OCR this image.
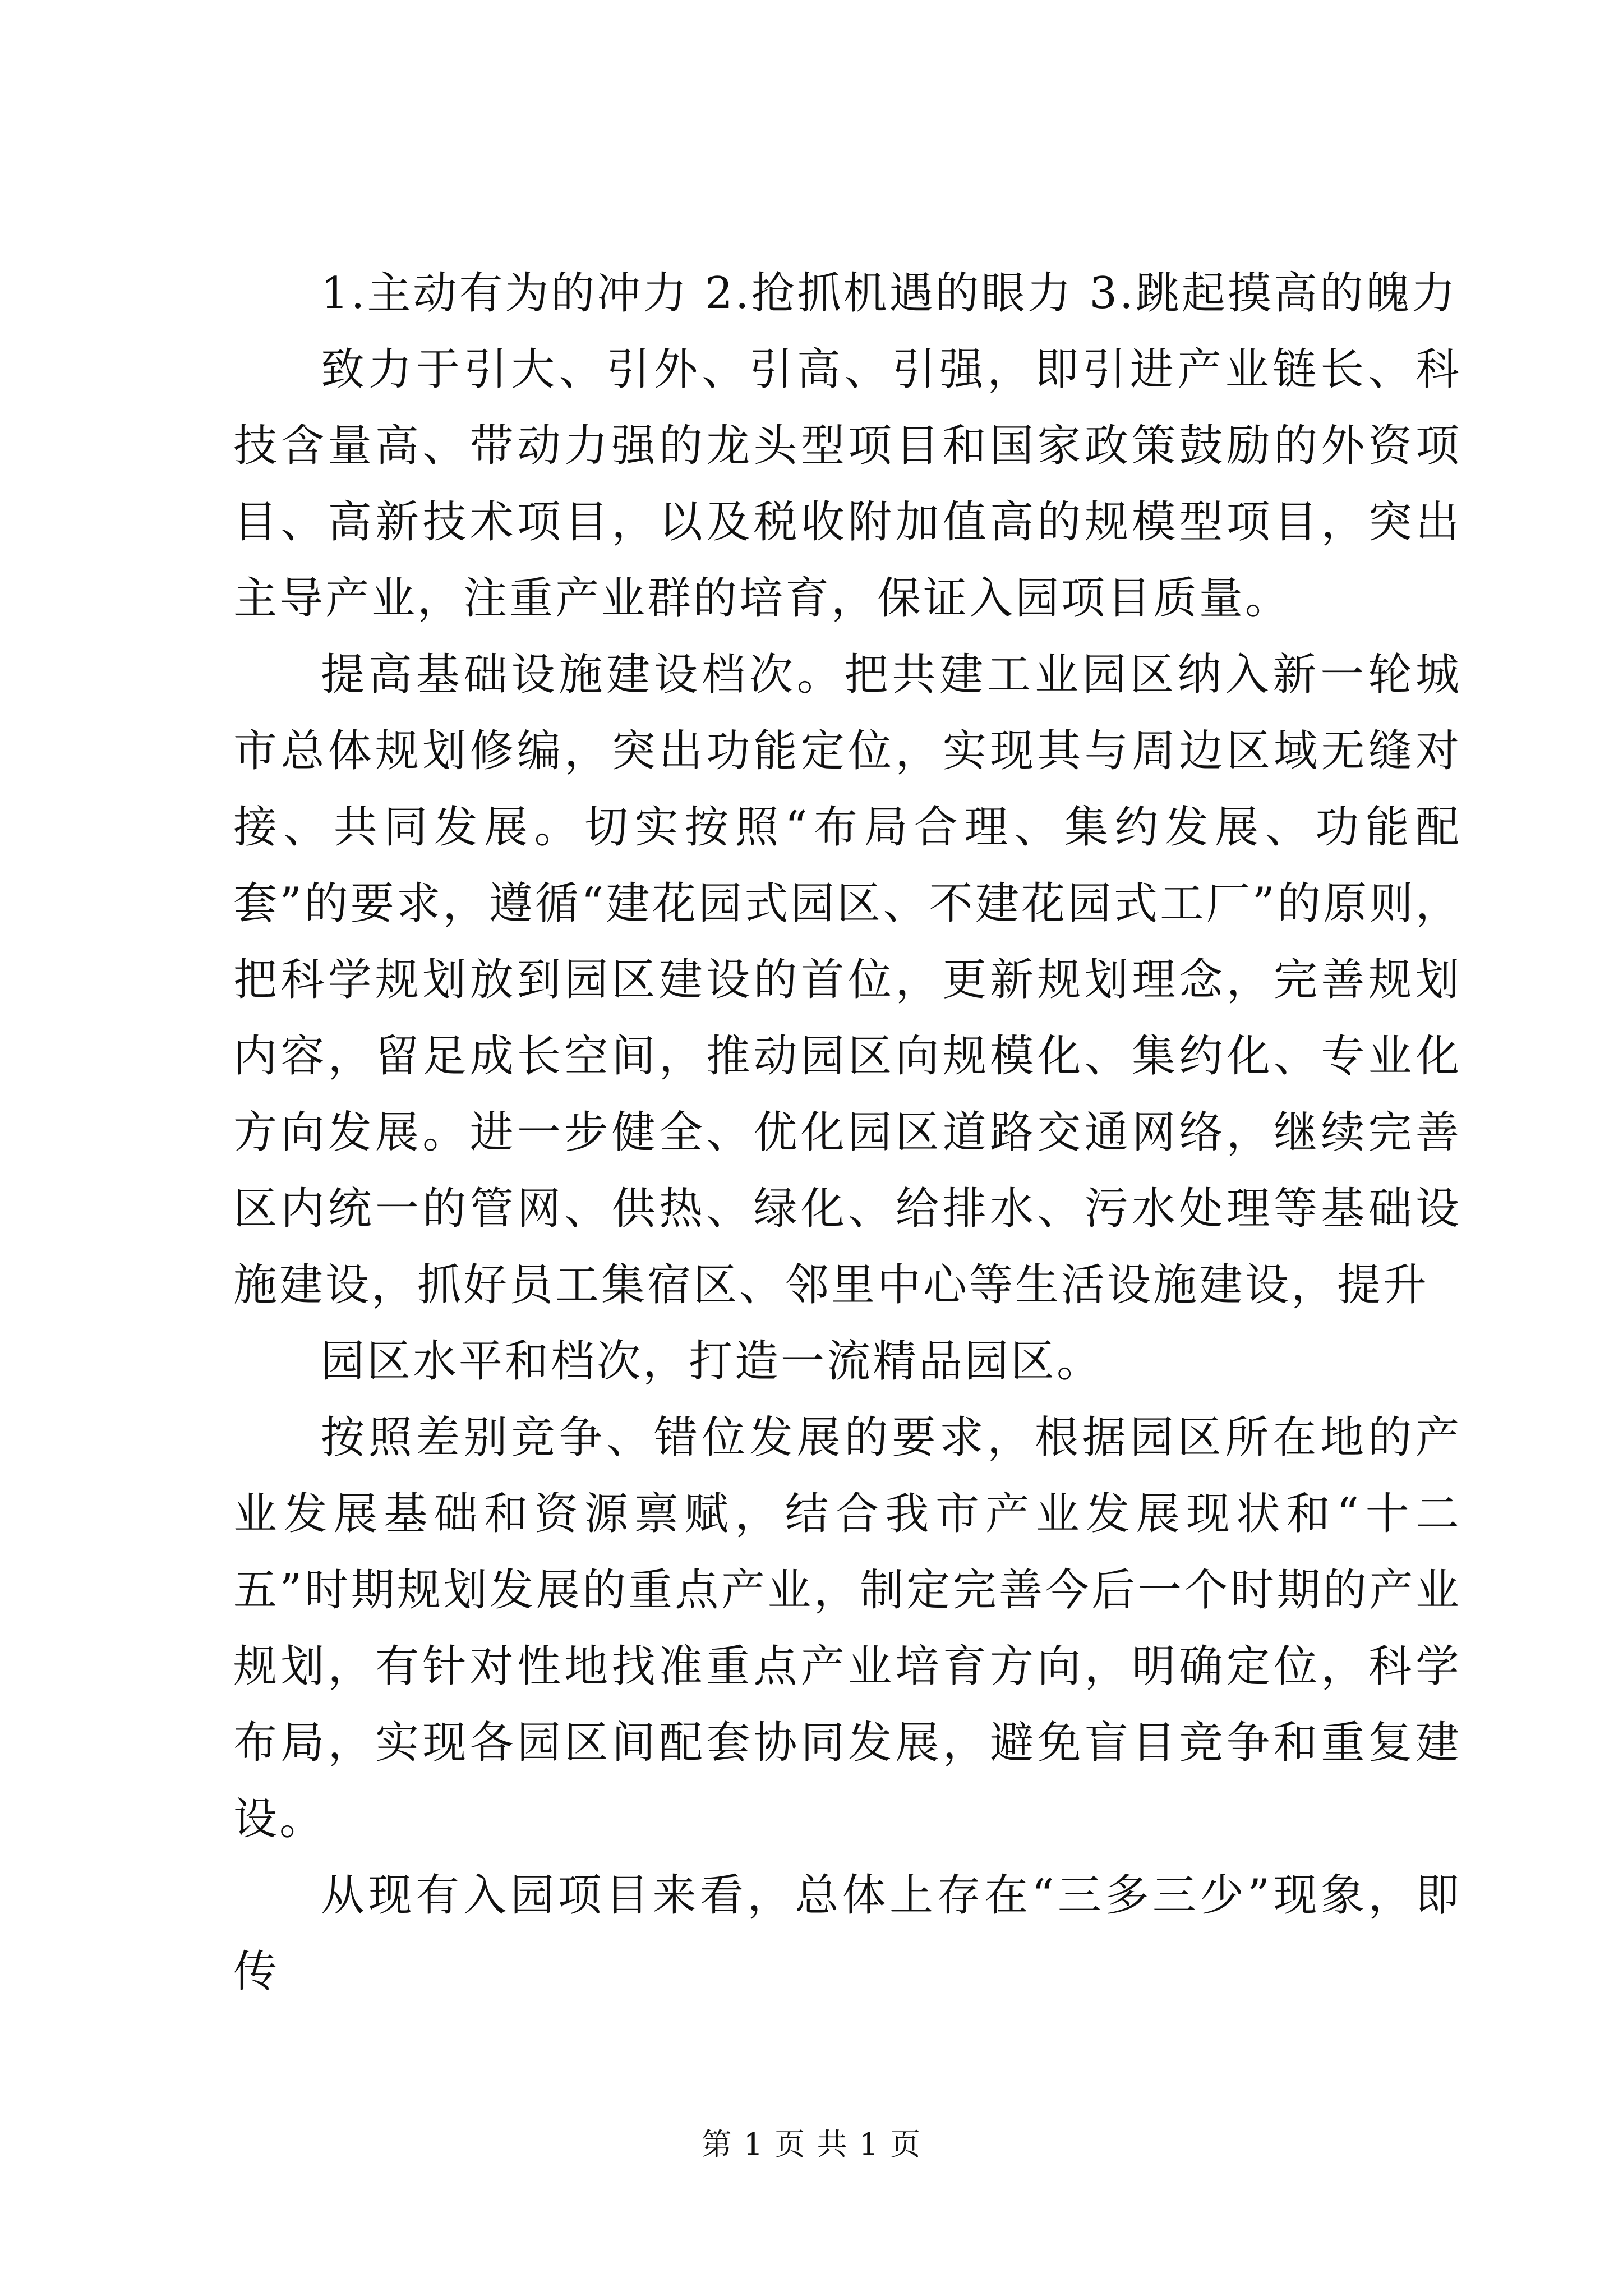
1.主动有为的冲力 2.抢抓机遇的眼力 3.跳起摸高的魄力

致力于引大、引外、引高、引强，即引进产业链长、科技含量高、带动力强的龙头型项目和国家政策鼓励的外资项目、高新技术项目，以及税收附加值高的规模型项目，突出主导产业，注重产业群的培育，保证入园项目质量。

提高基础设施建设档次。把共建工业园区纳入新一轮城市总体规划修编，突出功能定位，实现其与周边区域无缝对接、共同发展。切实按照“布局合理、集约发展、功能配套”的要求，遵循“建花园式园区、不建花园式工厂”的原则，把科学规划放到园区建设的首位，更新规划理念，完善规划内容，留足成长空间，推动园区向规模化、集约化、专业化方向发展。进一步健全、优化园区道路交通网络，继续完善区内统一的管网、供热、绿化、给排水、污水处理等基础设施建设，抓好员工集宿区、邻里中心等生活设施建设，提升

园区水平和档次，打造一流精品园区。

按照差别竞争、错位发展的要求，根据园区所在地的产业发展基础和资源禀赋，结合我市产业发展现状和“十二五”时期规划发展的重点产业，制定完善今后一个时期的产业规划，有针对性地找准重点产业培育方向，明确定位，科学布局，实现各园区间配套协同发展，避免盲目竞争和重复建设。

从现有入园项目来看，总体上存在“三多三少”现象，即传

第 1 页 共 1 页
